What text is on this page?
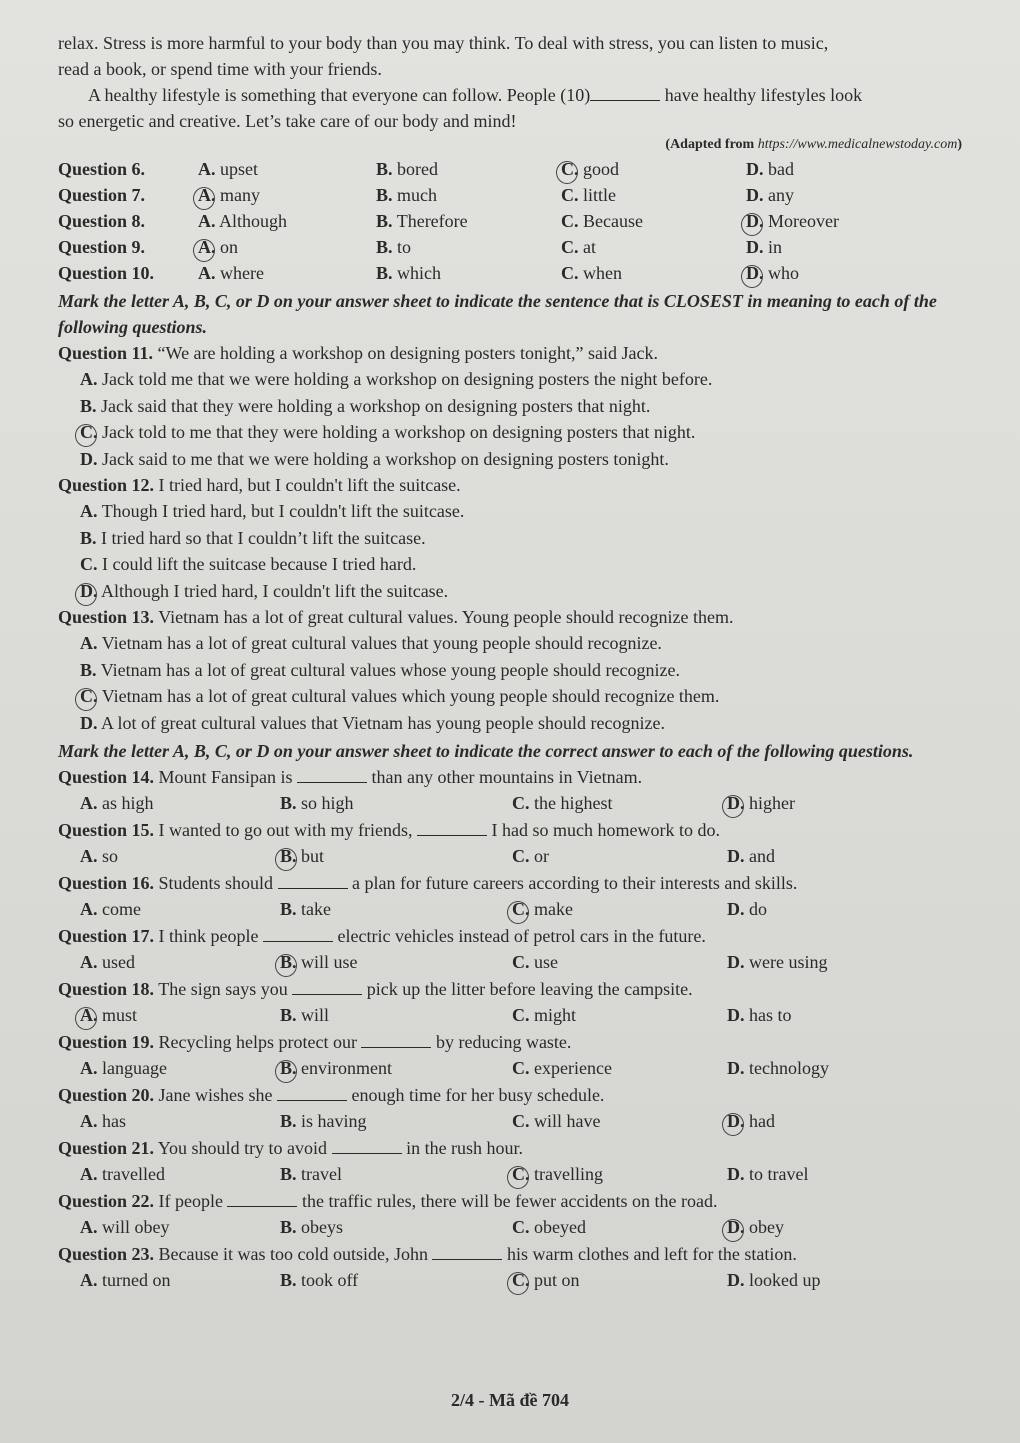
relax. Stress is more harmful to your body than you may think. To deal with stress, you can listen to music,

read a book, or spend time with your friends.

A healthy lifestyle is something that everyone can follow. People (10)	have healthy lifestyles look

so energetic and creative. Let’s take care of our body and mind!

(Adapted from https://www.medicalnewstoday.com)

Question 6.	A. upset	B. bored	C. good	D. bad
Question 7.	A. many	B. much	C. little	D. any
Question 8.	A. Although	B. Therefore	C. Because	D. Moreover
Question 9.	A. on	B. to	C. at	D. in
Question 10.	A. where	B. which	C. when	D. who

Mark the letter A, B, C, or D on your answer sheet to indicate the sentence that is CLOSEST in meaning to each of the following questions.

Question 11. “We are holding a workshop on designing posters tonight,” said Jack.

A. Jack told me that we were holding a workshop on designing posters the night before.

B. Jack said that they were holding a workshop on designing posters that night.

C. Jack told to me that they were holding a workshop on designing posters that night.

D. Jack said to me that we were holding a workshop on designing posters tonight.

Question 12. I tried hard, but I couldn't lift the suitcase.

A. Though I tried hard, but I couldn't lift the suitcase.

B. I tried hard so that I couldn’t lift the suitcase.

C. I could lift the suitcase because I tried hard.

D. Although I tried hard, I couldn't lift the suitcase.

Question 13. Vietnam has a lot of great cultural values. Young people should recognize them.

A. Vietnam has a lot of great cultural values that young people should recognize.

B. Vietnam has a lot of great cultural values whose young people should recognize.

C. Vietnam has a lot of great cultural values which young people should recognize them.

D. A lot of great cultural values that Vietnam has young people should recognize.

Mark the letter A, B, C, or D on your answer sheet to indicate the correct answer to each of the following questions.

Question 14. Mount Fansipan is	than any other mountains in Vietnam.

A. as high	B. so high	C. the highest	D. higher

Question 15. I wanted to go out with my friends,	I had so much homework to do.

A. so	B. but	C. or	D. and

Question 16. Students should	a plan for future careers according to their interests and skills.

A. come	B. take	C. make	D. do

Question 17. I think people	electric vehicles instead of petrol cars in the future.

A. used	B. will use	C. use	D. were using

Question 18. The sign says you	pick up the litter before leaving the campsite.

A. must	B. will	C. might	D. has to

Question 19. Recycling helps protect our	by reducing waste.

A. language	B. environment	C. experience	D. technology

Question 20. Jane wishes she	enough time for her busy schedule.

A. has	B. is having	C. will have	D. had

Question 21. You should try to avoid	in the rush hour.

A. travelled	B. travel	C. travelling	D. to travel

Question 22. If people	the traffic rules, there will be fewer accidents on the road.

A. will obey	B. obeys	C. obeyed	D. obey

Question 23. Because it was too cold outside, John	his warm clothes and left for the station.

A. turned on	B. took off	C. put on	D. looked up
2/4 - Mã đề 704
